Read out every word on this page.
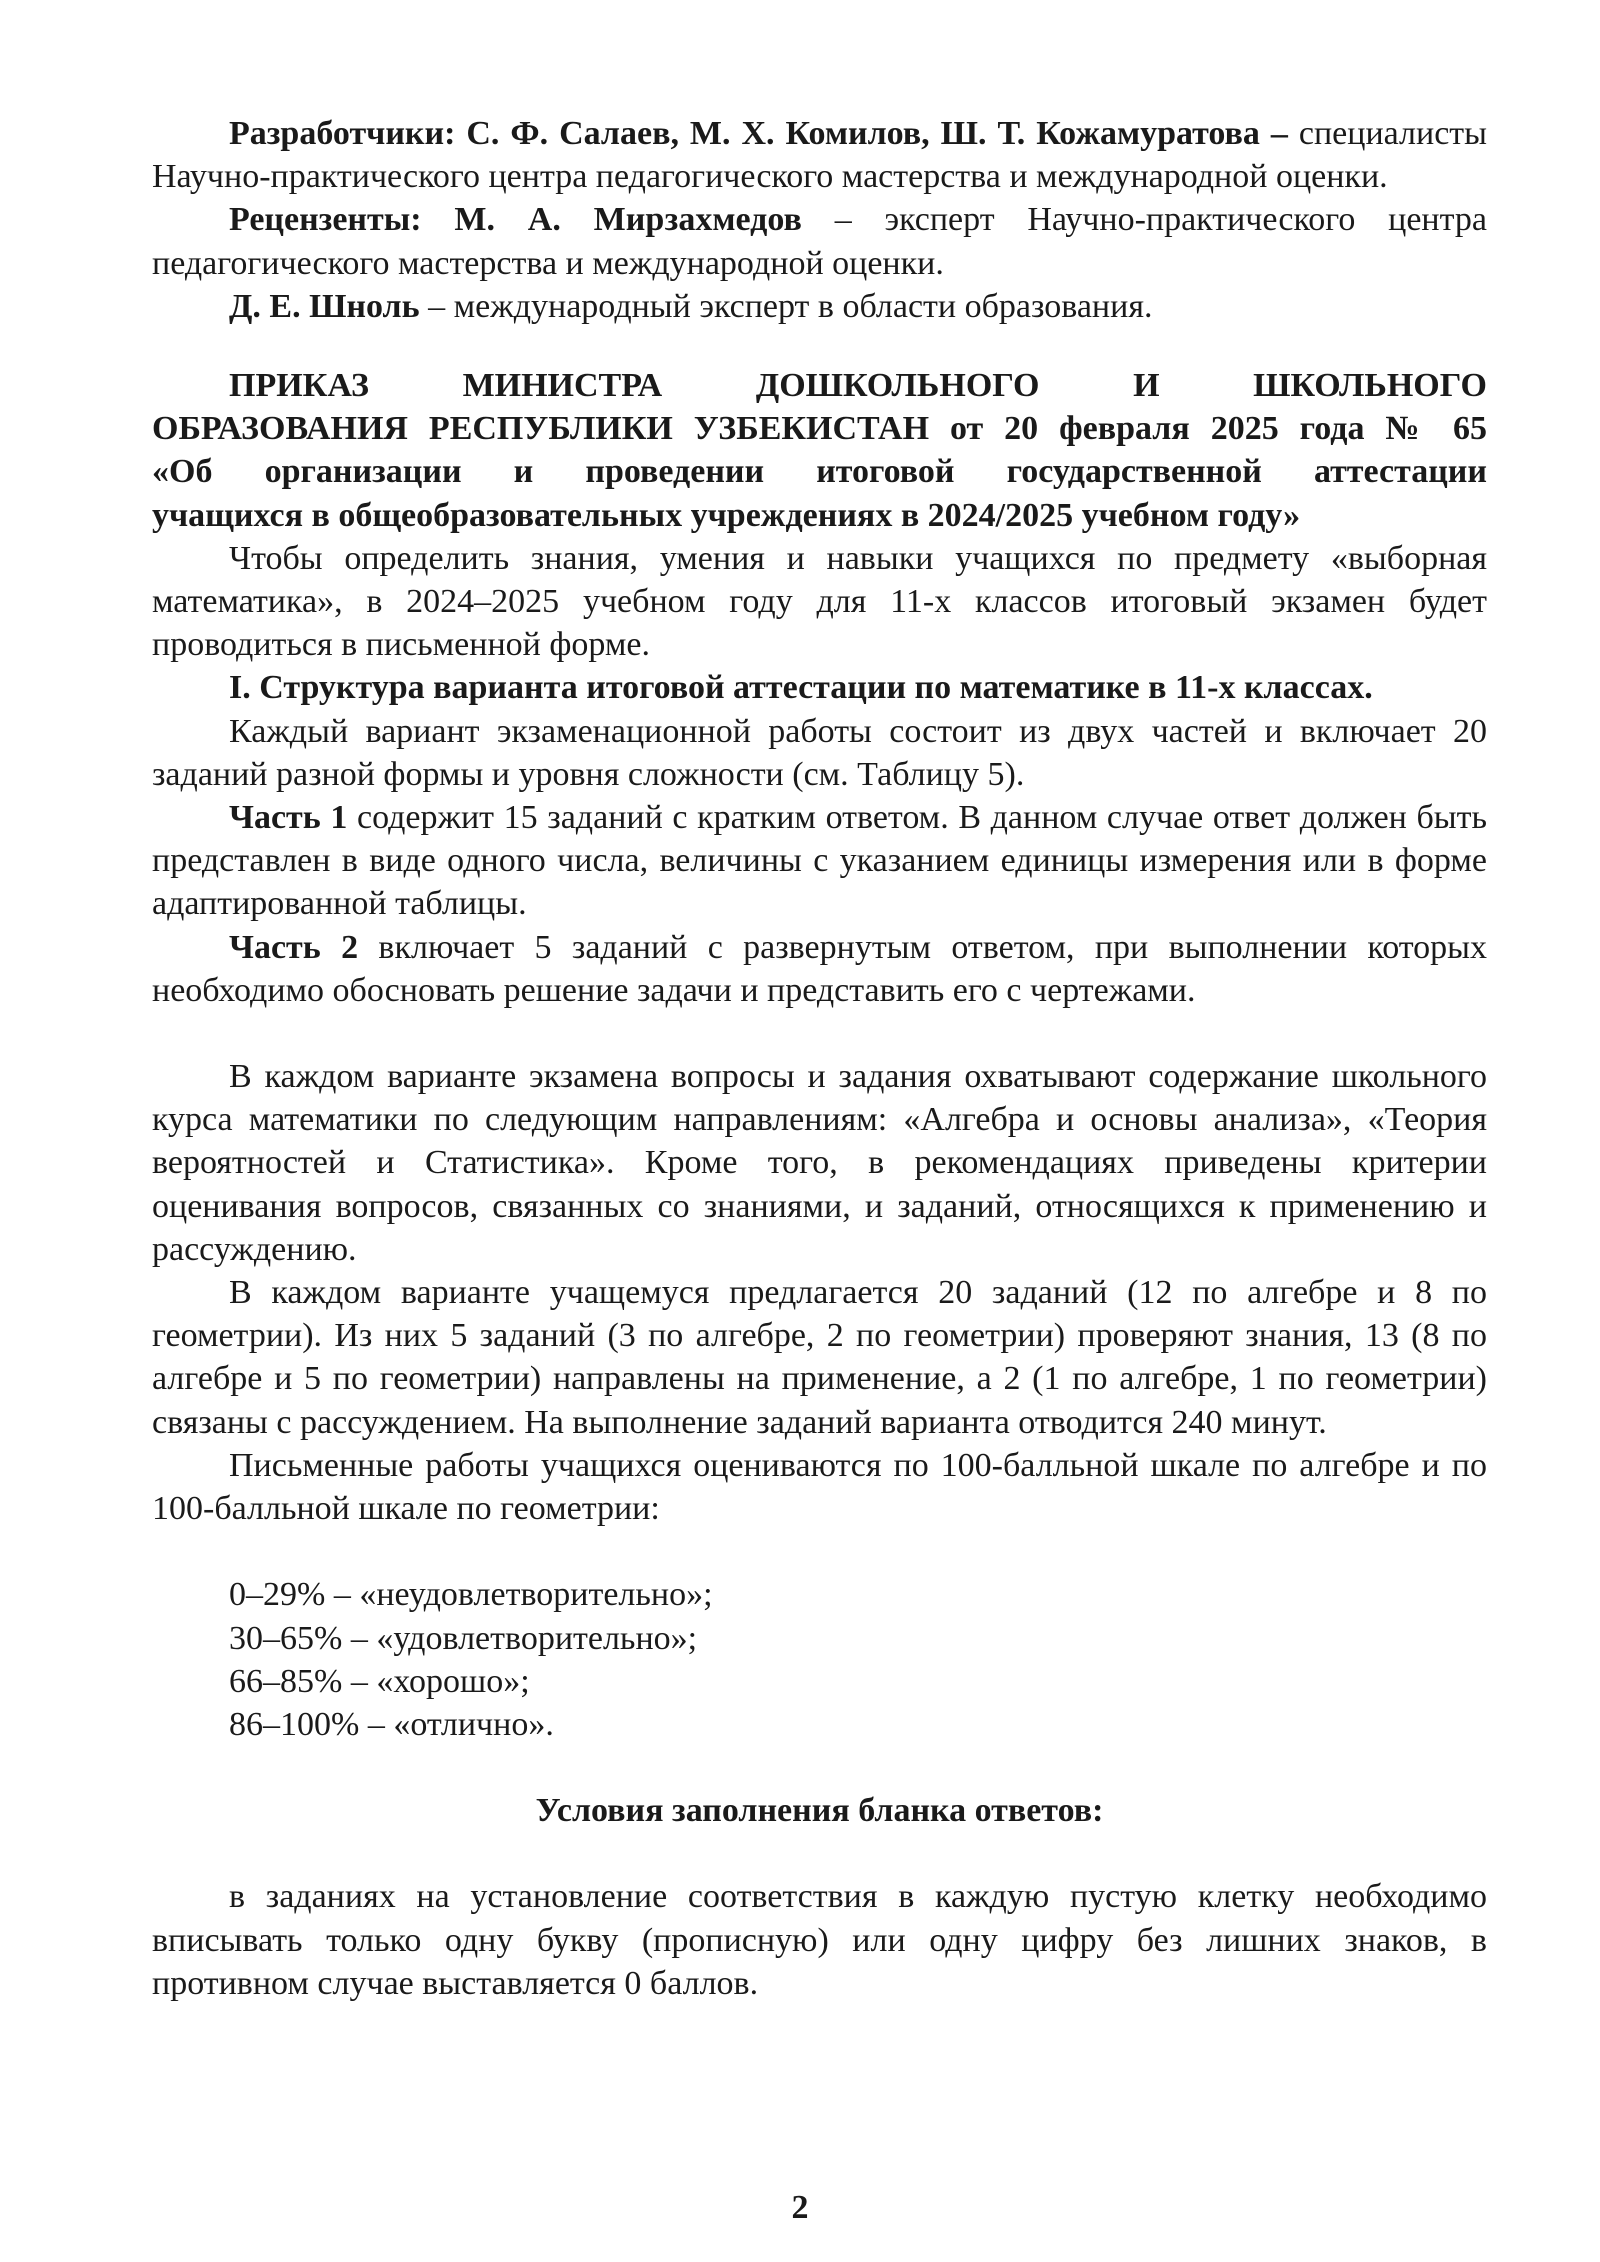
Разработчики: С. Ф. Салаев, М. Х. Комилов, Ш. Т. Кожамуратова – специалисты Научно-практического центра педагогического мастерства и международной оценки.

Рецензенты: М. А. Мирзахмедов – эксперт Научно-практического центра педагогического мастерства и международной оценки.

Д. Е. Шноль – международный эксперт в области образования.

ПРИКАЗ МИНИСТРА ДОШКОЛЬНОГО И ШКОЛЬНОГО
ОБРАЗОВАНИЯ РЕСПУБЛИКИ УЗБЕКИСТАН от 20 февраля 2025 года № 65
«Об организации и проведении итоговой государственной аттестации
учащихся в общеобразовательных учреждениях в 2024/2025 учебном году»

Чтобы определить знания, умения и навыки учащихся по предмету «выборная математика», в 2024–2025 учебном году для 11-х классов итоговый экзамен будет проводиться в письменной форме.

I. Структура варианта итоговой аттестации по математике в 11-х классах.

Каждый вариант экзаменационной работы состоит из двух частей и включает 20 заданий разной формы и уровня сложности (см. Таблицу 5).

Часть 1 содержит 15 заданий с кратким ответом. В данном случае ответ должен быть представлен в виде одного числа, величины с указанием единицы измерения или в форме адаптированной таблицы.

Часть 2 включает 5 заданий с развернутым ответом, при выполнении которых необходимо обосновать решение задачи и представить его с чертежами.

В каждом варианте экзамена вопросы и задания охватывают содержание школьного курса математики по следующим направлениям: «Алгебра и основы анализа», «Теория вероятностей и Статистика». Кроме того, в рекомендациях приведены критерии оценивания вопросов, связанных со знаниями, и заданий, относящихся к применению и рассуждению.

В каждом варианте учащемуся предлагается 20 заданий (12 по алгебре и 8 по геометрии). Из них 5 заданий (3 по алгебре, 2 по геометрии) проверяют знания, 13 (8 по алгебре и 5 по геометрии) направлены на применение, а 2 (1 по алгебре, 1 по геометрии) связаны с рассуждением. На выполнение заданий варианта отводится 240 минут.

Письменные работы учащихся оцениваются по 100-балльной шкале по алгебре и по 100-балльной шкале по геометрии:

0–29% – «неудовлетворительно»;
30–65% – «удовлетворительно»;
66–85% – «хорошо»;
86–100% – «отлично».

Условия заполнения бланка ответов:

в заданиях на установление соответствия в каждую пустую клетку необходимо вписывать только одну букву (прописную) или одну цифру без лишних знаков, в противном случае выставляется 0 баллов.

2
